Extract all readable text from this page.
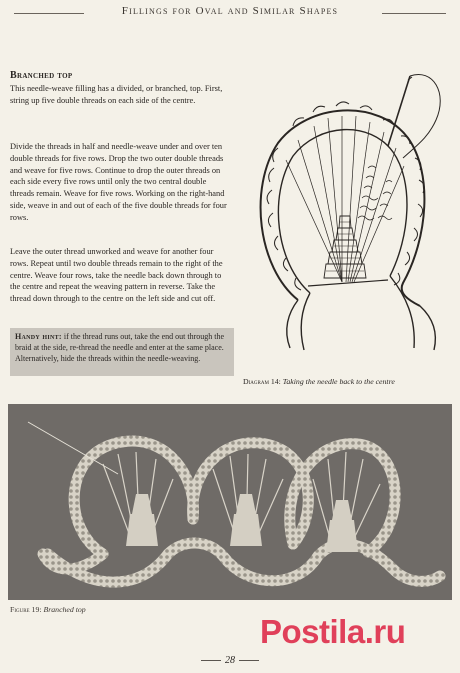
Fillings for Oval and Similar Shapes
Branched top

This needle-weave filling has a divided, or branched, top. First, string up five double threads on each side of the centre.

Divide the threads in half and needle-weave under and over ten double threads for five rows. Drop the two outer double threads and weave for five rows. Continue to drop the outer threads on each side every five rows until only the two central double threads remain. Weave for five rows. Working on the right-hand side, weave in and out of each of the five double threads for four rows.

Leave the outer thread unworked and weave for another four rows. Repeat until two double threads remain to the right of the centre. Weave four rows, take the needle back down through to the centre and repeat the weaving pattern in reverse. Take the thread down through to the centre on the left side and cut off.

Handy hint: if the thread runs out, take the end out through the braid at the side, re-thread the needle and enter at the same place. Alternatively, hide the threads within the needle-weaving.

Diagram 14: Taking the needle back to the centre
Figure 19: Branched top
Postila.ru
28
